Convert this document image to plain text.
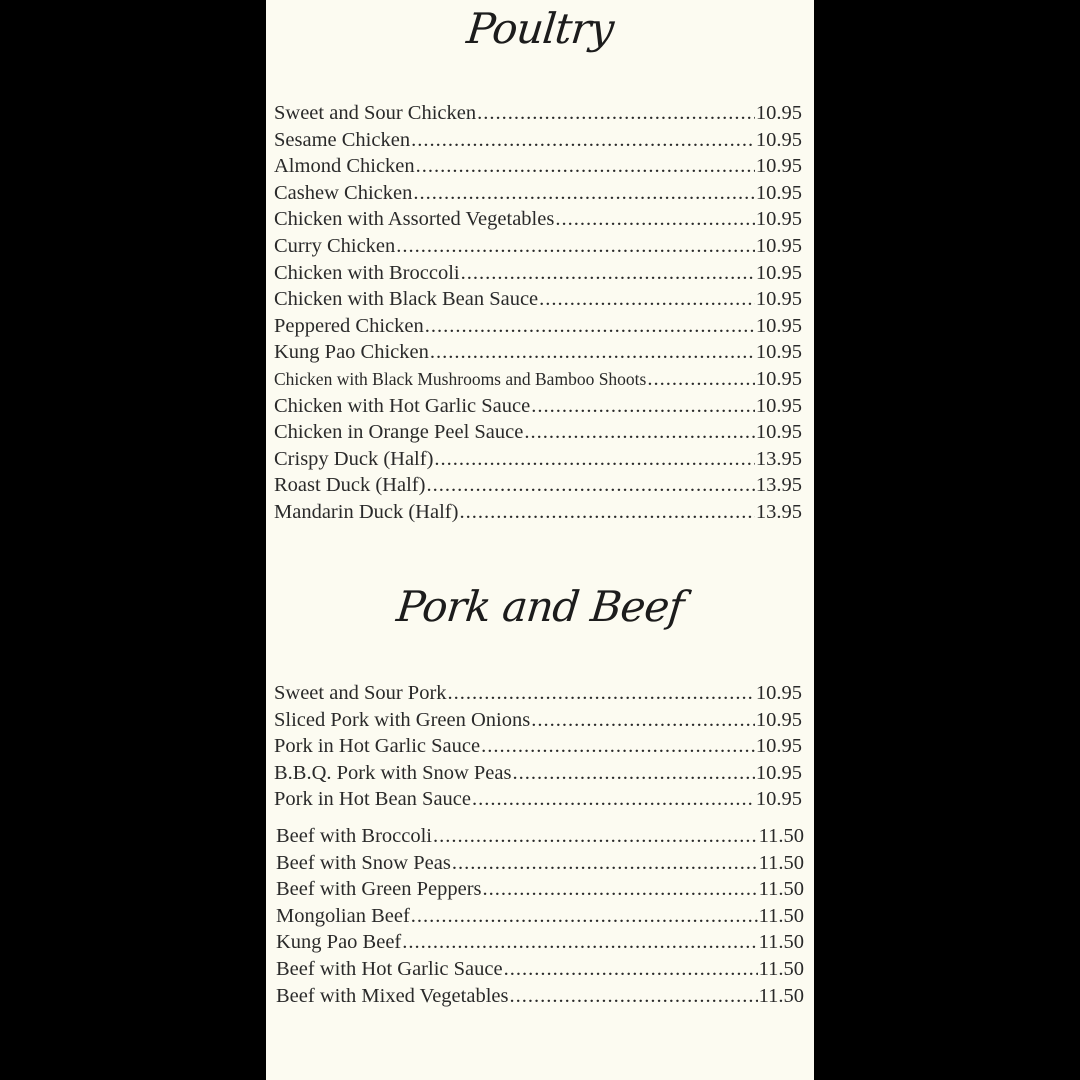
Poultry
Sweet and Sour Chicken .....	10.95
Sesame Chicken .....	10.95
Almond Chicken .....	10.95
Cashew Chicken .....	10.95
Chicken with Assorted Vegetables .....	10.95
Curry Chicken .....	10.95
Chicken with Broccoli .....	10.95
Chicken with Black Bean Sauce .....	10.95
Peppered Chicken .....	10.95
Kung Pao Chicken .....	10.95
Chicken with Black Mushrooms and Bamboo Shoots .....	10.95
Chicken with Hot Garlic Sauce .....	10.95
Chicken in Orange Peel Sauce .....	10.95
Crispy Duck (Half) .....	13.95
Roast Duck (Half) .....	13.95
Mandarin Duck (Half) .....	13.95
Pork and Beef
Sweet and Sour Pork .....	10.95
Sliced Pork with Green Onions .....	10.95
Pork in Hot Garlic Sauce .....	10.95
B.B.Q. Pork with Snow Peas .....	10.95
Pork in Hot Bean Sauce .....	10.95
Beef with Broccoli .....	11.50
Beef with Snow Peas .....	11.50
Beef with Green Peppers .....	11.50
Mongolian Beef .....	11.50
Kung Pao Beef .....	11.50
Beef with Hot Garlic Sauce .....	11.50
Beef with Mixed Vegetables .....	11.50
